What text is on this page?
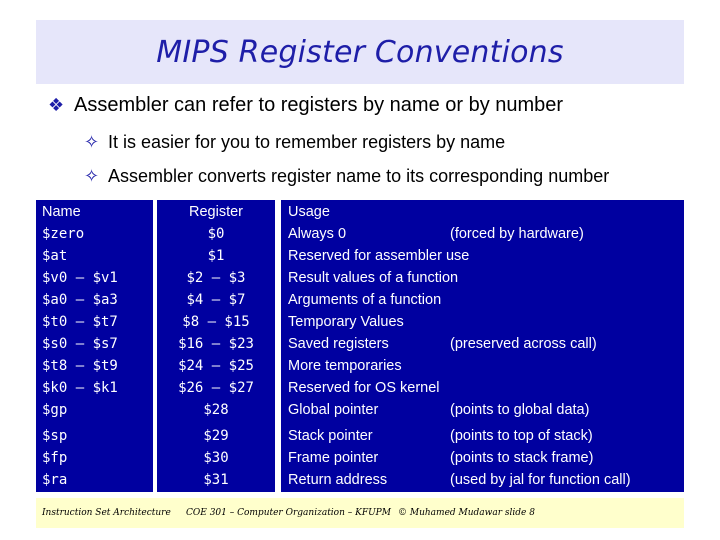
MIPS Register Conventions
❖ Assembler can refer to registers by name or by number
✧ It is easier for you to remember registers by name
✧ Assembler converts register name to its corresponding number
Name	Register	Usage
$zero	$0	Always 0	(forced by hardware)
$at	$1	Reserved for assembler use
$v0 – $v1	$2 – $3	Result values of a function
$a0 – $a3	$4 – $7	Arguments of a function
$t0 – $t7	$8 – $15	Temporary Values
$s0 – $s7	$16 – $23	Saved registers	(preserved across call)
$t8 – $t9	$24 – $25	More temporaries
$k0 – $k1	$26 – $27	Reserved for OS kernel
$gp	$28	Global pointer	(points to global data)
$sp	$29	Stack pointer	(points to top of stack)
$fp	$30	Frame pointer	(points to stack frame)
$ra	$31	Return address	(used by jal for function call)
Instruction Set Architecture COE 301 – Computer Organization – KFUPM © Muhamed Mudawar slide 8
